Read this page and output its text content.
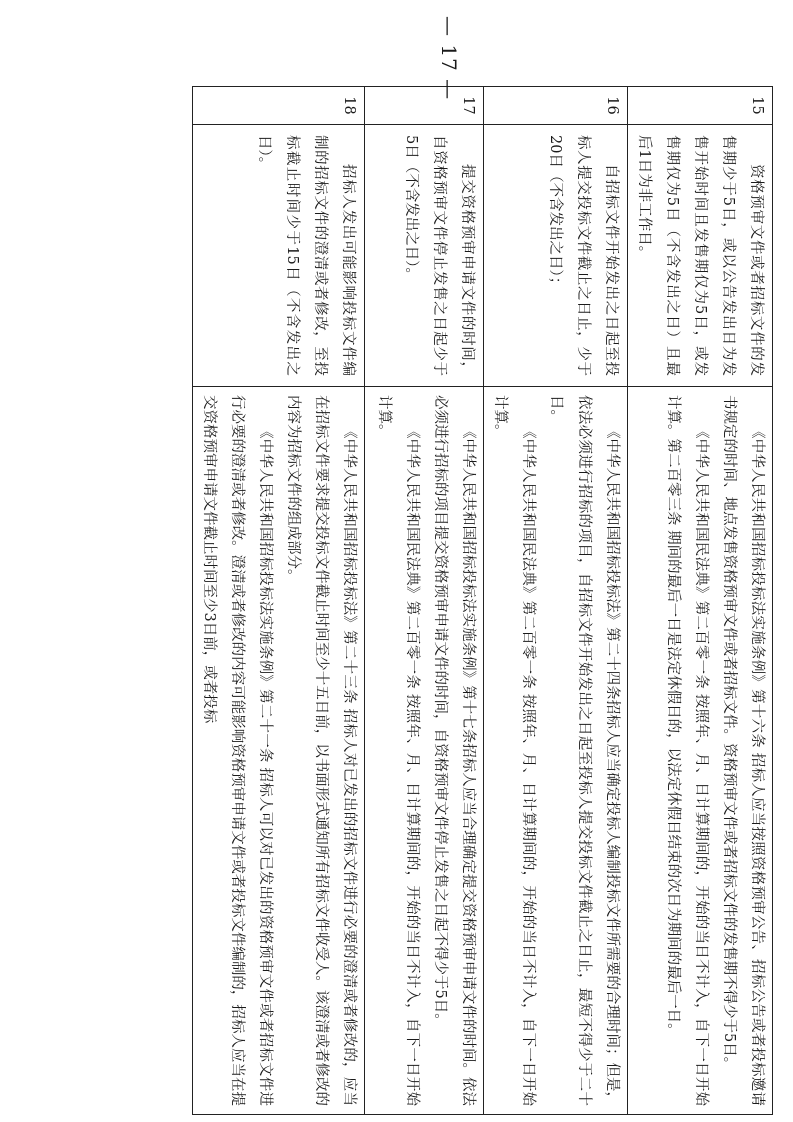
15	资格预审文件或者招标文件的发售期少于5日，或以公告发出日为发售开始时间且发售期仅为5日，或发售期仅为5日（不含发出之日）且最后1日为非工作日。	《中华人民共和国招标投标法实施条例》第十六条 招标人应当按照资格预审公告、招标公告或者投标邀请书规定的时间、地点发售资格预审文件或者招标文件。资格预审文件或者招标文件的发售期不得少于5日。
《中华人民共和国民法典》第二百零一条 按照年、月、日计算期间的，开始的当日不计入，自下一日开始计算。第二百零三条 期间的最后一日是法定休假日的，以法定休假日结束的次日为期间的最后一日。

16	自招标文件开始发出之日起至投标人提交投标文件截止之日止，少于20日（不含发出之日）；	《中华人民共和国招标投标法》第二十四条招标人应当确定投标人编制投标文件所需要的合理时间；但是，依法必须进行招标的项目，自招标文件开始发出之日起至投标人提交投标文件截止之日止，最短不得少于二十日。
《中华人民共和国民法典》第二百零一条 按照年、月、日计算期间的，开始的当日不计入，自下一日开始计算。

17	提交资格预审申请文件的时间，自资格预审文件停止发售之日起少于5日（不含发出之日）。	《中华人民共和国招标投标法实施条例》第十七条招标人应当合理确定提交资格预审申请文件的时间。依法必须进行招标的项目提交资格预审申请文件的时间，自资格预审文件停止发售之日起不得少于5日。
《中华人民共和国民法典》第二百零一条 按照年、月、日计算期间的，开始的当日不计入，自下一日开始计算。

18	招标人发出可能影响投标文件编制的招标文件的澄清或者修改，至投标截止时间少于15日（不含发出之日）。	《中华人民共和国招标投标法》第二十三条 招标人对已发出的招标文件进行必要的澄清或者修改的，应当在招标文件要求提交投标文件截止时间至少十五日前，以书面形式通知所有招标文件收受人。该澄清或者修改的内容为招标文件的组成部分。
《中华人民共和国招标投标法实施条例》第二十一条 招标人可以对已发出的资格预审文件或者招标文件进行必要的澄清或者修改。澄清或者修改的内容可能影响资格预审申请文件或者投标文件编制的，招标人应当在提交资格预审申请文件截止时间至少3日前，或者投标
— 17 —
